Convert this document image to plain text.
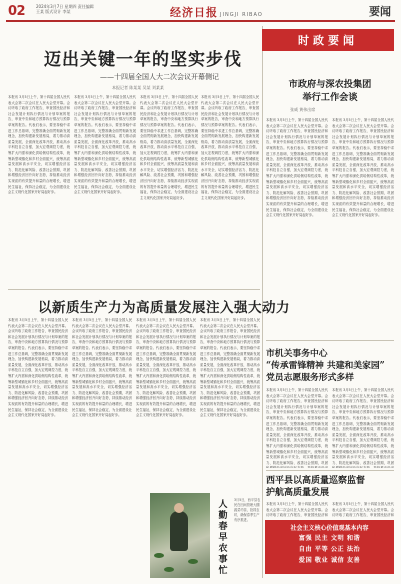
02	2024年3月7日 星期四 责任编辑 王某 版式设计 李某	经济日报 JINGJI RIBAO	要闻
迈出关键一年的坚实步伐
——十四届全国人大二次会议开幕侧记
本报记者 陈某某 吴某 刘某某
本报讯 3月5日上午，第十四届全国人民代表大会第二次会议在人民大会堂开幕。会议听取了政府工作报告，审查国民经济和社会发展计划执行情况与计划草案的报告，审查中央和地方预算执行情况与预算草案的报告。代表们表示，要坚持稳中求进工作总基调，完整准确全面贯彻新发展理念，加快构建新发展格局，着力推动高质量发展，全面深化改革开放，推动高水平科技自立自强，加大宏观调控力度，统筹扩大内需和深化供给侧结构性改革，统筹新型城镇化和乡村全面振兴，统筹高质量发展和高水平安全，切实增强经济活力、防范化解风险、改善社会预期，巩固和增强经济回升向好态势，持续推动经济实现质的有效提升和量的合理增长，增进民生福祉，保持社会稳定，为全面建设社会主义现代化国家开好局起好步。
本报讯 3月5日上午，第十四届全国人民代表大会第二次会议在人民大会堂开幕。会议听取了政府工作报告，审查国民经济和社会发展计划执行情况与计划草案的报告，审查中央和地方预算执行情况与预算草案的报告。代表们表示，要坚持稳中求进工作总基调，完整准确全面贯彻新发展理念，加快构建新发展格局，着力推动高质量发展，全面深化改革开放，推动高水平科技自立自强，加大宏观调控力度，统筹扩大内需和深化供给侧结构性改革，统筹新型城镇化和乡村全面振兴，统筹高质量发展和高水平安全，切实增强经济活力、防范化解风险、改善社会预期，巩固和增强经济回升向好态势，持续推动经济实现质的有效提升和量的合理增长，增进民生福祉，保持社会稳定，为全面建设社会主义现代化国家开好局起好步。
本报讯 3月5日上午，第十四届全国人民代表大会第二次会议在人民大会堂开幕。会议听取了政府工作报告，审查国民经济和社会发展计划执行情况与计划草案的报告，审查中央和地方预算执行情况与预算草案的报告。代表们表示，要坚持稳中求进工作总基调，完整准确全面贯彻新发展理念，加快构建新发展格局，着力推动高质量发展，全面深化改革开放，推动高水平科技自立自强，加大宏观调控力度，统筹扩大内需和深化供给侧结构性改革，统筹新型城镇化和乡村全面振兴，统筹高质量发展和高水平安全，切实增强经济活力、防范化解风险、改善社会预期，巩固和增强经济回升向好态势，持续推动经济实现质的有效提升和量的合理增长，增进民生福祉，保持社会稳定，为全面建设社会主义现代化国家开好局起好步。
本报讯 3月5日上午，第十四届全国人民代表大会第二次会议在人民大会堂开幕。会议听取了政府工作报告，审查国民经济和社会发展计划执行情况与计划草案的报告，审查中央和地方预算执行情况与预算草案的报告。代表们表示，要坚持稳中求进工作总基调，完整准确全面贯彻新发展理念，加快构建新发展格局，着力推动高质量发展，全面深化改革开放，推动高水平科技自立自强，加大宏观调控力度，统筹扩大内需和深化供给侧结构性改革，统筹新型城镇化和乡村全面振兴，统筹高质量发展和高水平安全，切实增强经济活力、防范化解风险、改善社会预期，巩固和增强经济回升向好态势，持续推动经济实现质的有效提升和量的合理增长，增进民生福祉，保持社会稳定，为全面建设社会主义现代化国家开好局起好步。
时政要闻
市政府与深农投集团
举行工作会谈
张威 黄伟出席
本报讯 3月5日上午，第十四届全国人民代表大会第二次会议在人民大会堂开幕。会议听取了政府工作报告，审查国民经济和社会发展计划执行情况与计划草案的报告，审查中央和地方预算执行情况与预算草案的报告。代表们表示，要坚持稳中求进工作总基调，完整准确全面贯彻新发展理念，加快构建新发展格局，着力推动高质量发展，全面深化改革开放，推动高水平科技自立自强，加大宏观调控力度，统筹扩大内需和深化供给侧结构性改革，统筹新型城镇化和乡村全面振兴，统筹高质量发展和高水平安全，切实增强经济活力、防范化解风险、改善社会预期，巩固和增强经济回升向好态势，持续推动经济实现质的有效提升和量的合理增长，增进民生福祉，保持社会稳定，为全面建设社会主义现代化国家开好局起好步。
本报讯 3月5日上午，第十四届全国人民代表大会第二次会议在人民大会堂开幕。会议听取了政府工作报告，审查国民经济和社会发展计划执行情况与计划草案的报告，审查中央和地方预算执行情况与预算草案的报告。代表们表示，要坚持稳中求进工作总基调，完整准确全面贯彻新发展理念，加快构建新发展格局，着力推动高质量发展，全面深化改革开放，推动高水平科技自立自强，加大宏观调控力度，统筹扩大内需和深化供给侧结构性改革，统筹新型城镇化和乡村全面振兴，统筹高质量发展和高水平安全，切实增强经济活力、防范化解风险、改善社会预期，巩固和增强经济回升向好态势，持续推动经济实现质的有效提升和量的合理增长，增进民生福祉，保持社会稳定，为全面建设社会主义现代化国家开好局起好步。
市机关事务中心
“传承雷锋精神 共建和美家园”
党员志愿服务形式多样
本报讯 3月5日上午，第十四届全国人民代表大会第二次会议在人民大会堂开幕。会议听取了政府工作报告，审查国民经济和社会发展计划执行情况与计划草案的报告，审查中央和地方预算执行情况与预算草案的报告。代表们表示，要坚持稳中求进工作总基调，完整准确全面贯彻新发展理念，加快构建新发展格局，着力推动高质量发展，全面深化改革开放，推动高水平科技自立自强，加大宏观调控力度，统筹扩大内需和深化供给侧结构性改革，统筹新型城镇化和乡村全面振兴，统筹高质量发展和高水平安全，切实增强经济活力、防范化解风险、改善社会预期，巩固
本报讯 3月5日上午，第十四届全国人民代表大会第二次会议在人民大会堂开幕。会议听取了政府工作报告，审查国民经济和社会发展计划执行情况与计划草案的报告，审查中央和地方预算执行情况与预算草案的报告。代表们表示，要坚持稳中求进工作总基调，完整准确全面贯彻新发展理念，加快构建新发展格局，着力推动高质量发展，全面深化改革开放，推动高水平科技自立自强，加大宏观调控力度，统筹扩大内需和深化供给侧结构性改革，统筹新型城镇化和乡村全面振兴，统筹高质量发展和高水平安全，切实增强经济活力、防范化解风险、改善社会预期，巩固
西平县以高质量巡察监督
护航高质量发展
本报讯 3月5日上午，第十四届全国人民代表大会第二次会议在人民大会堂开幕。会议听取了政府工作报告，审查国民经济和
本报讯 3月5日上午，第十四届全国人民代表大会第二次会议在人民大会堂开幕。会议听取了政府工作报告，审查国民经济和
以新质生产力为高质量发展注入强大动力
本报讯 3月5日上午，第十四届全国人民代表大会第二次会议在人民大会堂开幕。会议听取了政府工作报告，审查国民经济和社会发展计划执行情况与计划草案的报告，审查中央和地方预算执行情况与预算草案的报告。代表们表示，要坚持稳中求进工作总基调，完整准确全面贯彻新发展理念，加快构建新发展格局，着力推动高质量发展，全面深化改革开放，推动高水平科技自立自强，加大宏观调控力度，统筹扩大内需和深化供给侧结构性改革，统筹新型城镇化和乡村全面振兴，统筹高质量发展和高水平安全，切实增强经济活力、防范化解风险、改善社会预期，巩固和增强经济回升向好态势，持续推动经济实现质的有效提升和量的合理增长，增进民生福祉，保持社会稳定，为全面建设社会主义现代化国家开好局起好步。
本报讯 3月5日上午，第十四届全国人民代表大会第二次会议在人民大会堂开幕。会议听取了政府工作报告，审查国民经济和社会发展计划执行情况与计划草案的报告，审查中央和地方预算执行情况与预算草案的报告。代表们表示，要坚持稳中求进工作总基调，完整准确全面贯彻新发展理念，加快构建新发展格局，着力推动高质量发展，全面深化改革开放，推动高水平科技自立自强，加大宏观调控力度，统筹扩大内需和深化供给侧结构性改革，统筹新型城镇化和乡村全面振兴，统筹高质量发展和高水平安全，切实增强经济活力、防范化解风险、改善社会预期，巩固和增强经济回升向好态势，持续推动经济实现质的有效提升和量的合理增长，增进民生福祉，保持社会稳定，为全面建设社会主义现代化国家开好局起好步。
本报讯 3月5日上午，第十四届全国人民代表大会第二次会议在人民大会堂开幕。会议听取了政府工作报告，审查国民经济和社会发展计划执行情况与计划草案的报告，审查中央和地方预算执行情况与预算草案的报告。代表们表示，要坚持稳中求进工作总基调，完整准确全面贯彻新发展理念，加快构建新发展格局，着力推动高质量发展，全面深化改革开放，推动高水平科技自立自强，加大宏观调控力度，统筹扩大内需和深化供给侧结构性改革，统筹新型城镇化和乡村全面振兴，统筹高质量发展和高水平安全，切实增强经济活力、防范化解风险、改善社会预期，巩固和增强经济回升向好态势，持续推动经济实现质的有效提升和量的合理增长，增进民生福祉，保持社会稳定，为全面建设社会主义现代化国家开好局起好步。
本报讯 3月5日上午，第十四届全国人民代表大会第二次会议在人民大会堂开幕。会议听取了政府工作报告，审查国民经济和社会发展计划执行情况与计划草案的报告，审查中央和地方预算执行情况与预算草案的报告。代表们表示，要坚持稳中求进工作总基调，完整准确全面贯彻新发展理念，加快构建新发展格局，着力推动高质量发展，全面深化改革开放，推动高水平科技自立自强，加大宏观调控力度，统筹扩大内需和深化供给侧结构性改革，统筹新型城镇化和乡村全面振兴，统筹高质量发展和高水平安全，切实增强经济活力、防范化解风险、改善社会预期，巩固和增强经济回升向好态势，持续推动经济实现质的有效提升和量的合理增长，增进民生福祉，保持社会稳定，为全面建设社会主义现代化国家开好局起好步。
人勤春早农事忙
3月5日，西平县农民在田间管理大棚蔬菜幼苗，抢抓农时，确保春季生产有序推进。
社会主义核心价值观基本内容
富强 民主 文明 和谐
自由 平等 公正 法治
爱国 敬业 诚信 友善
